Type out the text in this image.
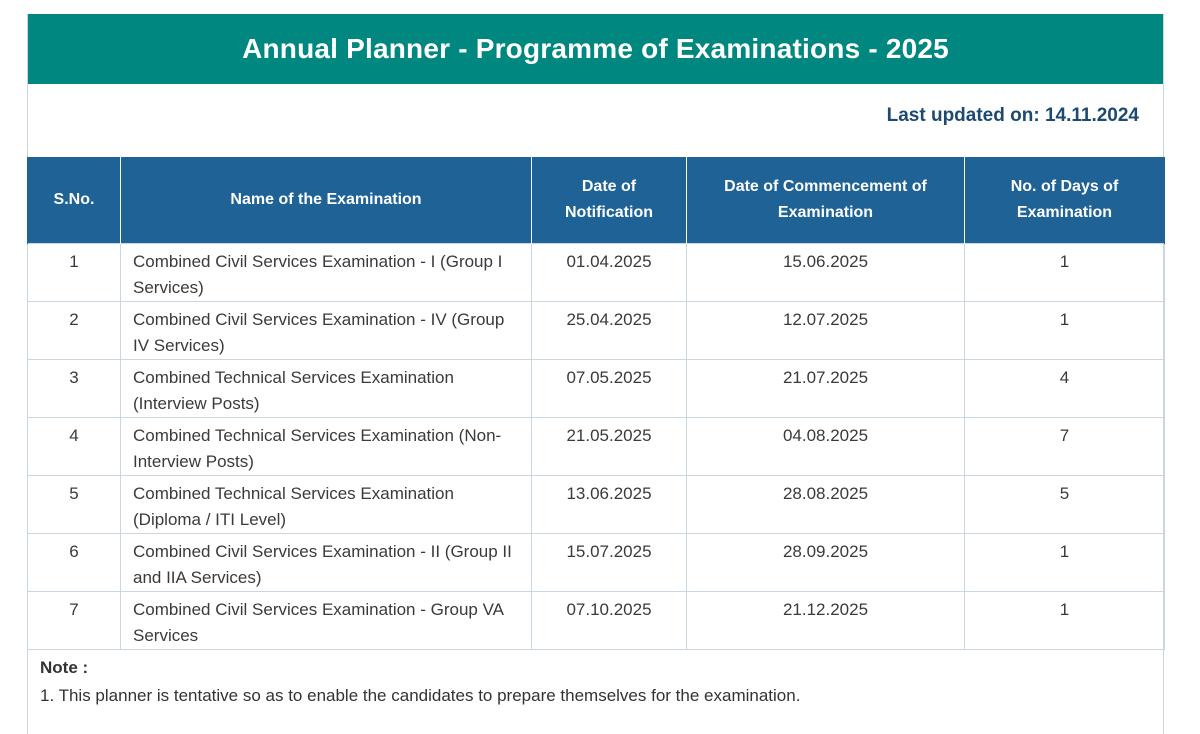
Annual Planner - Programme of Examinations - 2025
Last updated on: 14.11.2024
S.No.	Name of the Examination	Date of Notification	Date of Commencement of Examination	No. of Days of Examination
1	Combined Civil Services Examination - I (Group I Services)	01.04.2025	15.06.2025	1
2	Combined Civil Services Examination - IV (Group IV Services)	25.04.2025	12.07.2025	1
3	Combined Technical Services Examination (Interview Posts)	07.05.2025	21.07.2025	4
4	Combined Technical Services Examination (Non-Interview Posts)	21.05.2025	04.08.2025	7
5	Combined Technical Services Examination (Diploma / ITI Level)	13.06.2025	28.08.2025	5
6	Combined Civil Services Examination - II (Group II and IIA Services)	15.07.2025	28.09.2025	1
7	Combined Civil Services Examination - Group VA Services	07.10.2025	21.12.2025	1
Note :
1. This planner is tentative so as to enable the candidates to prepare themselves for the examination.
